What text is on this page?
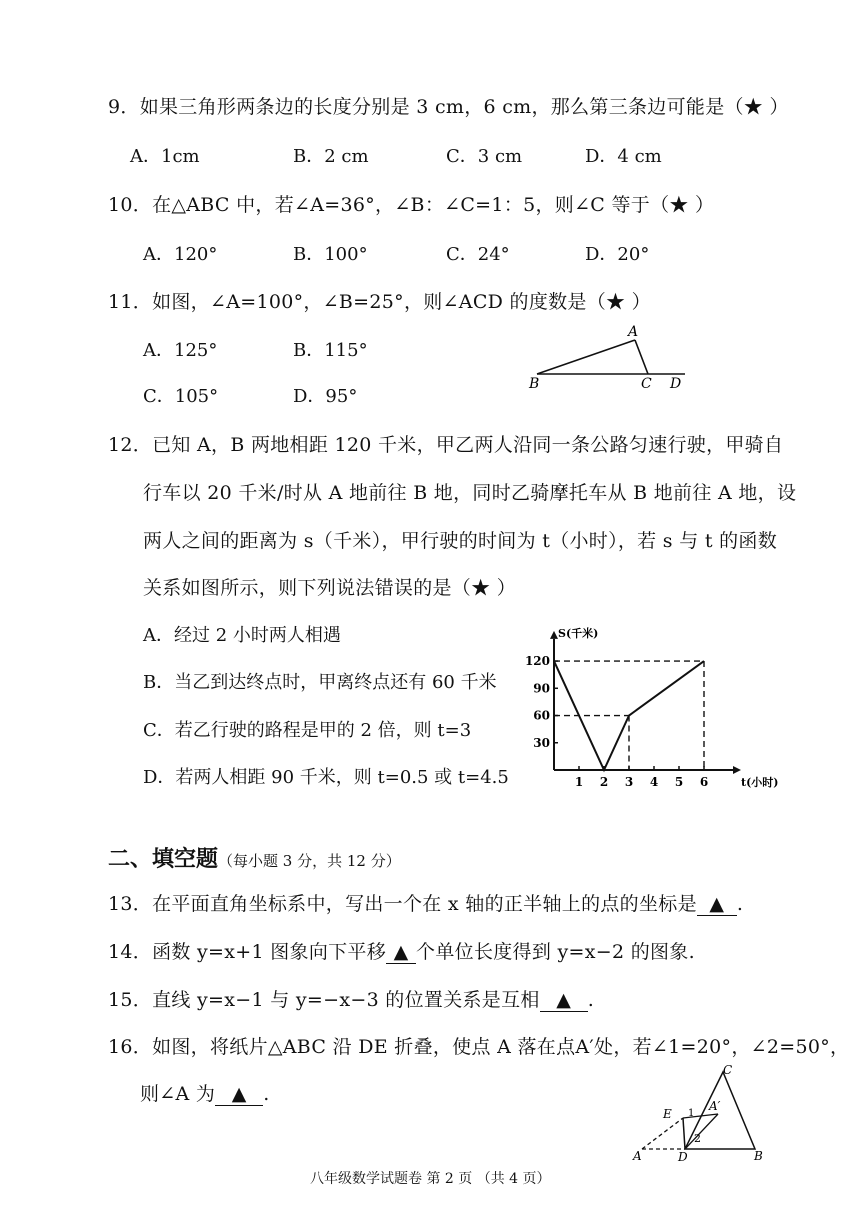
9．如果三角形两条边的长度分别是 3 cm，6 cm，那么第三条边可能是（★ ）
A．1cm	B．2 cm	C．3 cm	D．4 cm
10．在△ABC 中，若∠A=36°，∠B：∠C=1：5，则∠C 等于（★ ）
A．120°	B．100°	C．24°	D．20°
11．如图，∠A=100°，∠B=25°，则∠ACD 的度数是（★ ）
A．125°	B．115°
C．105°	D．95°
A
B	C D
12．已知 A，B 两地相距 120 千米，甲乙两人沿同一条公路匀速行驶，甲骑自
行车以 20 千米/时从 A 地前往 B 地，同时乙骑摩托车从 B 地前往 A 地，设
两人之间的距离为 s（千米），甲行驶的时间为 t（小时），若 s 与 t 的函数
关系如图所示，则下列说法错误的是（★ ）
A．经过 2 小时两人相遇
B．当乙到达终点时，甲离终点还有 60 千米
C．若乙行驶的路程是甲的 2 倍，则 t=3
D．若两人相距 90 千米，则 t=0.5 或 t=4.5
S(千米)
t(小时)
1 2 3 4 5 6
30
60
90
120
二、填空题（每小题 3 分，共 12 分）
13．在平面直角坐标系中，写出一个在 x 轴的正半轴上的点的坐标是 ▲ .
14．函数 y=x+1 图象向下平移 ▲ 个单位长度得到 y=x−2 的图象.
15．直线 y=x−1 与 y=−x−3 的位置关系是互相 ▲ .
16．如图，将纸片△ABC 沿 DE 折叠，使点 A 落在点A′处，若∠1=20°，∠2=50°，
则∠A 为 ▲ .
C
E
A′
1
2
A	D	B
八年级数学试题卷 第 2 页 （共 4 页）
